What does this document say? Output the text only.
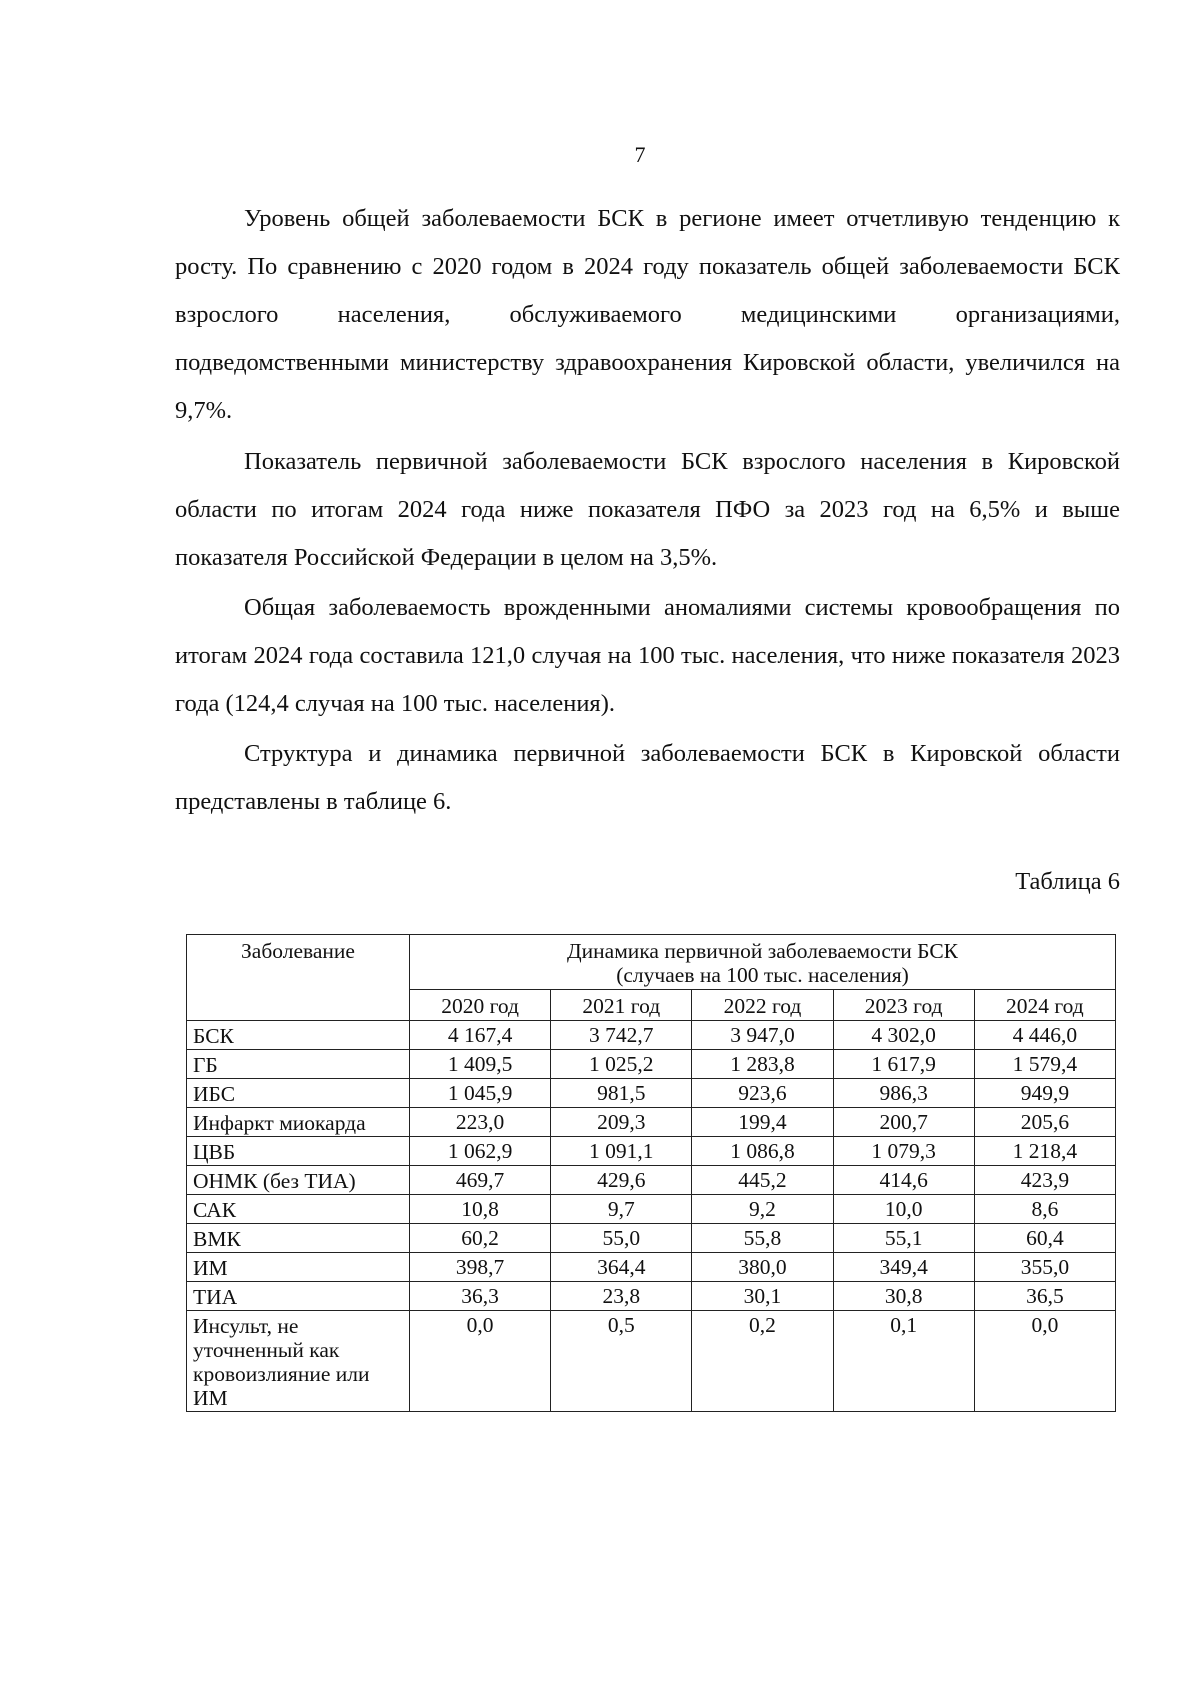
7

Уровень общей заболеваемости БСК в регионе имеет отчетливую тенденцию к росту. По сравнению с 2020 годом в 2024 году показатель общей заболеваемости БСК взрослого населения, обслуживаемого медицинскими организациями, подведомственными министерству здравоохранения Кировской области, увеличился на 9,7%.

Показатель первичной заболеваемости БСК взрослого населения в Кировской области по итогам 2024 года ниже показателя ПФО за 2023 год на 6,5% и выше показателя Российской Федерации в целом на 3,5%.

Общая заболеваемость врожденными аномалиями системы кровообращения по итогам 2024 года составила 121,0 случая на 100 тыс. населения, что ниже показателя 2023 года (124,4 случая на 100 тыс. населения).

Структура и динамика первичной заболеваемости БСК в Кировской области представлены в таблице 6.

Таблица 6
Заболевание	Динамика первичной заболеваемости БСК
(случаев на 100 тыс. населения)				

	2020 год	2021 год	2022 год	2023 год	2024 год
БСК	4 167,4	3 742,7	3 947,0	4 302,0	4 446,0
ГБ	1 409,5	1 025,2	1 283,8	1 617,9	1 579,4
ИБС	1 045,9	981,5	923,6	986,3	949,9
Инфаркт миокарда	223,0	209,3	199,4	200,7	205,6
ЦВБ	1 062,9	1 091,1	1 086,8	1 079,3	1 218,4
ОНМК (без ТИА)	469,7	429,6	445,2	414,6	423,9
САК	10,8	9,7	9,2	10,0	8,6
ВМК	60,2	55,0	55,8	55,1	60,4
ИМ	398,7	364,4	380,0	349,4	355,0
ТИА	36,3	23,8	30,1	30,8	36,5
Инсульт, не уточненный как кровоизлияние или ИМ	0,0	0,5	0,2	0,1	0,0
